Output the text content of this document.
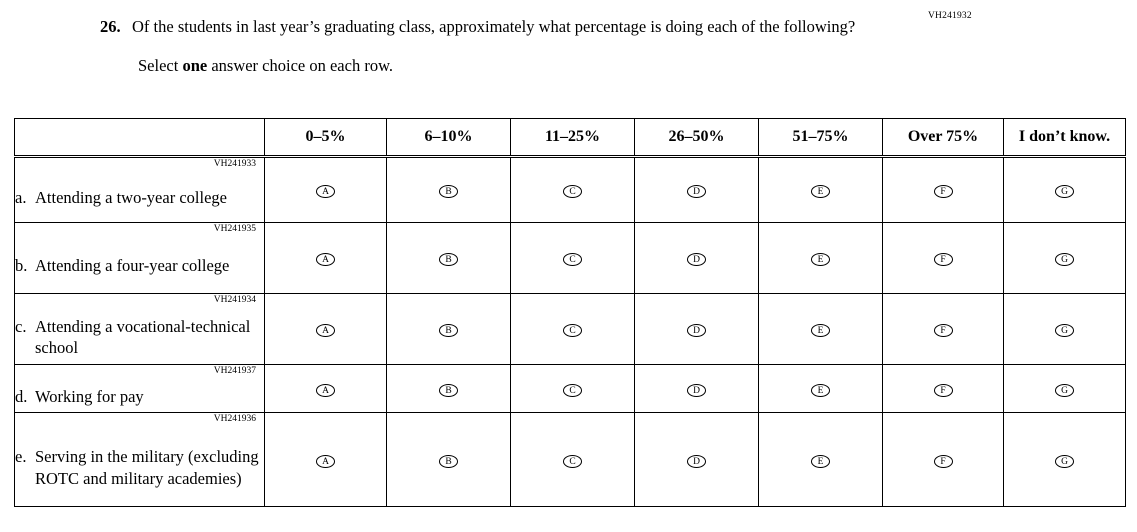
VH241932
26. Of the students in last year’s graduating class, approximately what percentage is doing each of the following?
Select one answer choice on each row.
	0–5%	6–10%	11–25%	26–50%	51–75%	Over 75%	I don’t know.

VH241933
a. Attending a two-year college	A	B	C	D	E	F	G

VH241935
b. Attending a four-year college	A	B	C	D	E	F	G

VH241934
c. Attending a vocational-technical school	A	B	C	D	E	F	G

VH241937
d. Working for pay	A	B	C	D	E	F	G

VH241936
e. Serving in the military (excluding ROTC and military academies)	A	B	C	D	E	F	G
